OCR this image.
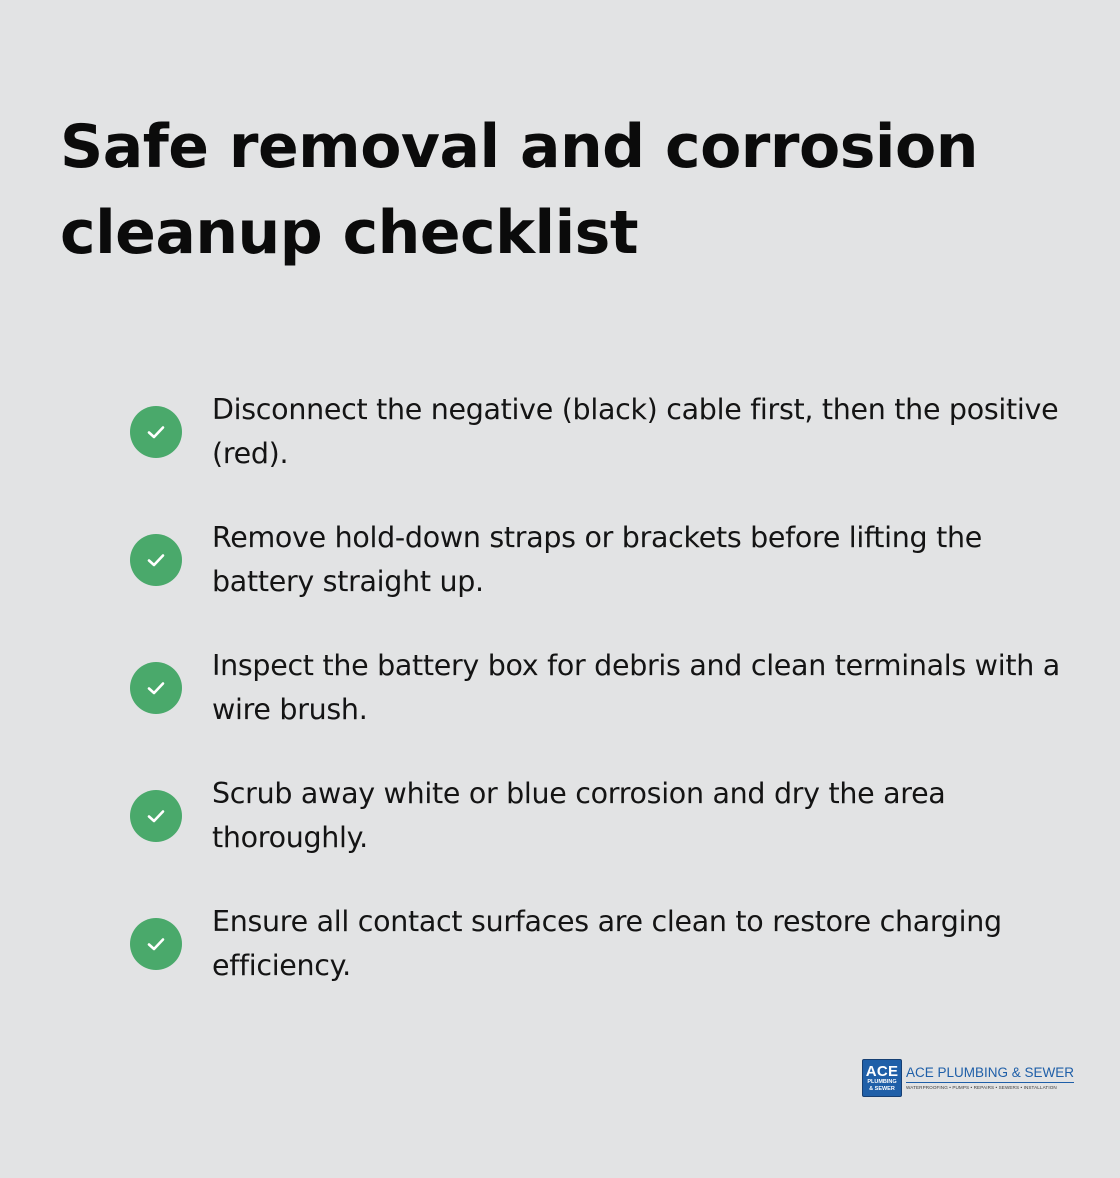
Safe removal and corrosion cleanup checklist
Disconnect the negative (black) cable first, then the positive (red).
Remove hold-down straps or brackets before lifting the battery straight up.
Inspect the battery box for debris and clean terminals with a wire brush.
Scrub away white or blue corrosion and dry the area thoroughly.
Ensure all contact surfaces are clean to restore charging efficiency.
ACE
PLUMBING
& SEWER
ACE PLUMBING & SEWER
WATERPROOFING • PUMPS • REPAIRS • SEWERS • INSTALLATION
